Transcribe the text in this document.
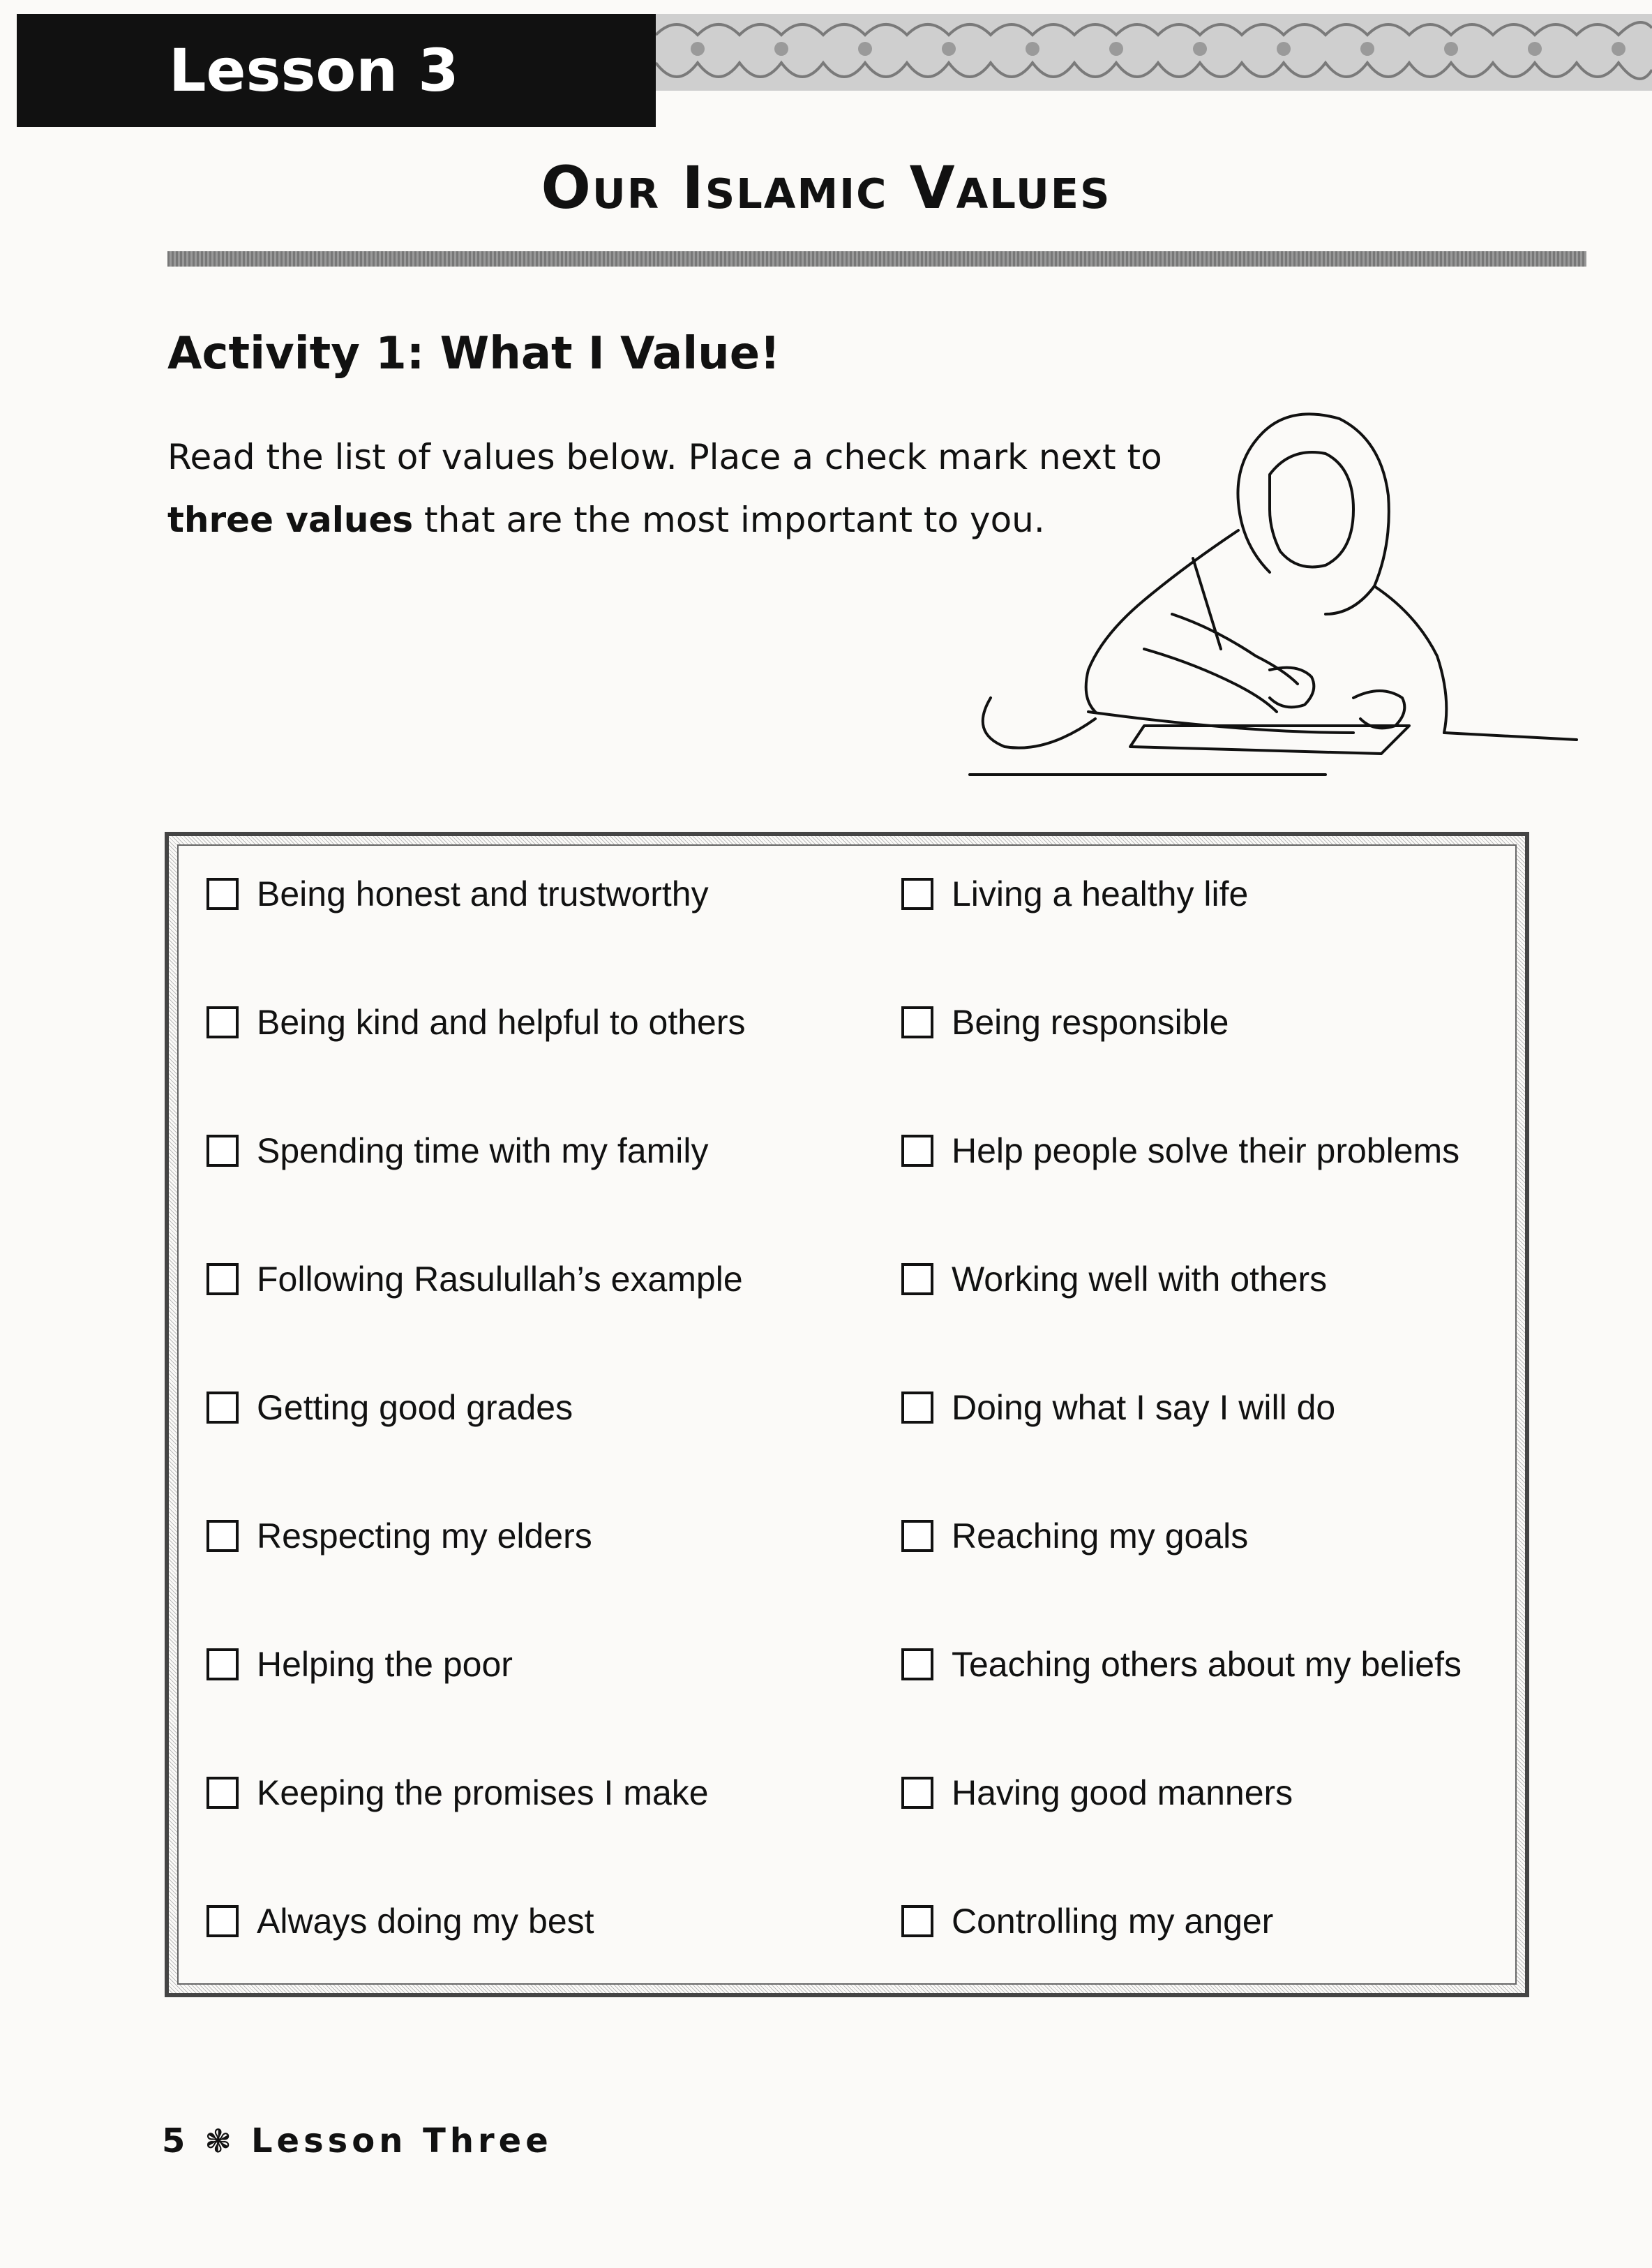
Lesson 3
Our Islamic Values
Activity 1: What I Value!
Read the list of values below. Place a check mark next to
three values that are the most important to you.
Being honest and trustworthy
Being kind and helpful to others
Spending time with my family
Following Rasulullah’s example
Getting good grades
Respecting my elders
Helping the poor
Keeping the promises I make
Always doing my best
Living a healthy life
Being responsible
Help people solve their problems
Working well with others
Doing what I say I will do
Reaching my goals
Teaching others about my beliefs
Having good manners
Controlling my anger
5 ❃ Lesson Three
